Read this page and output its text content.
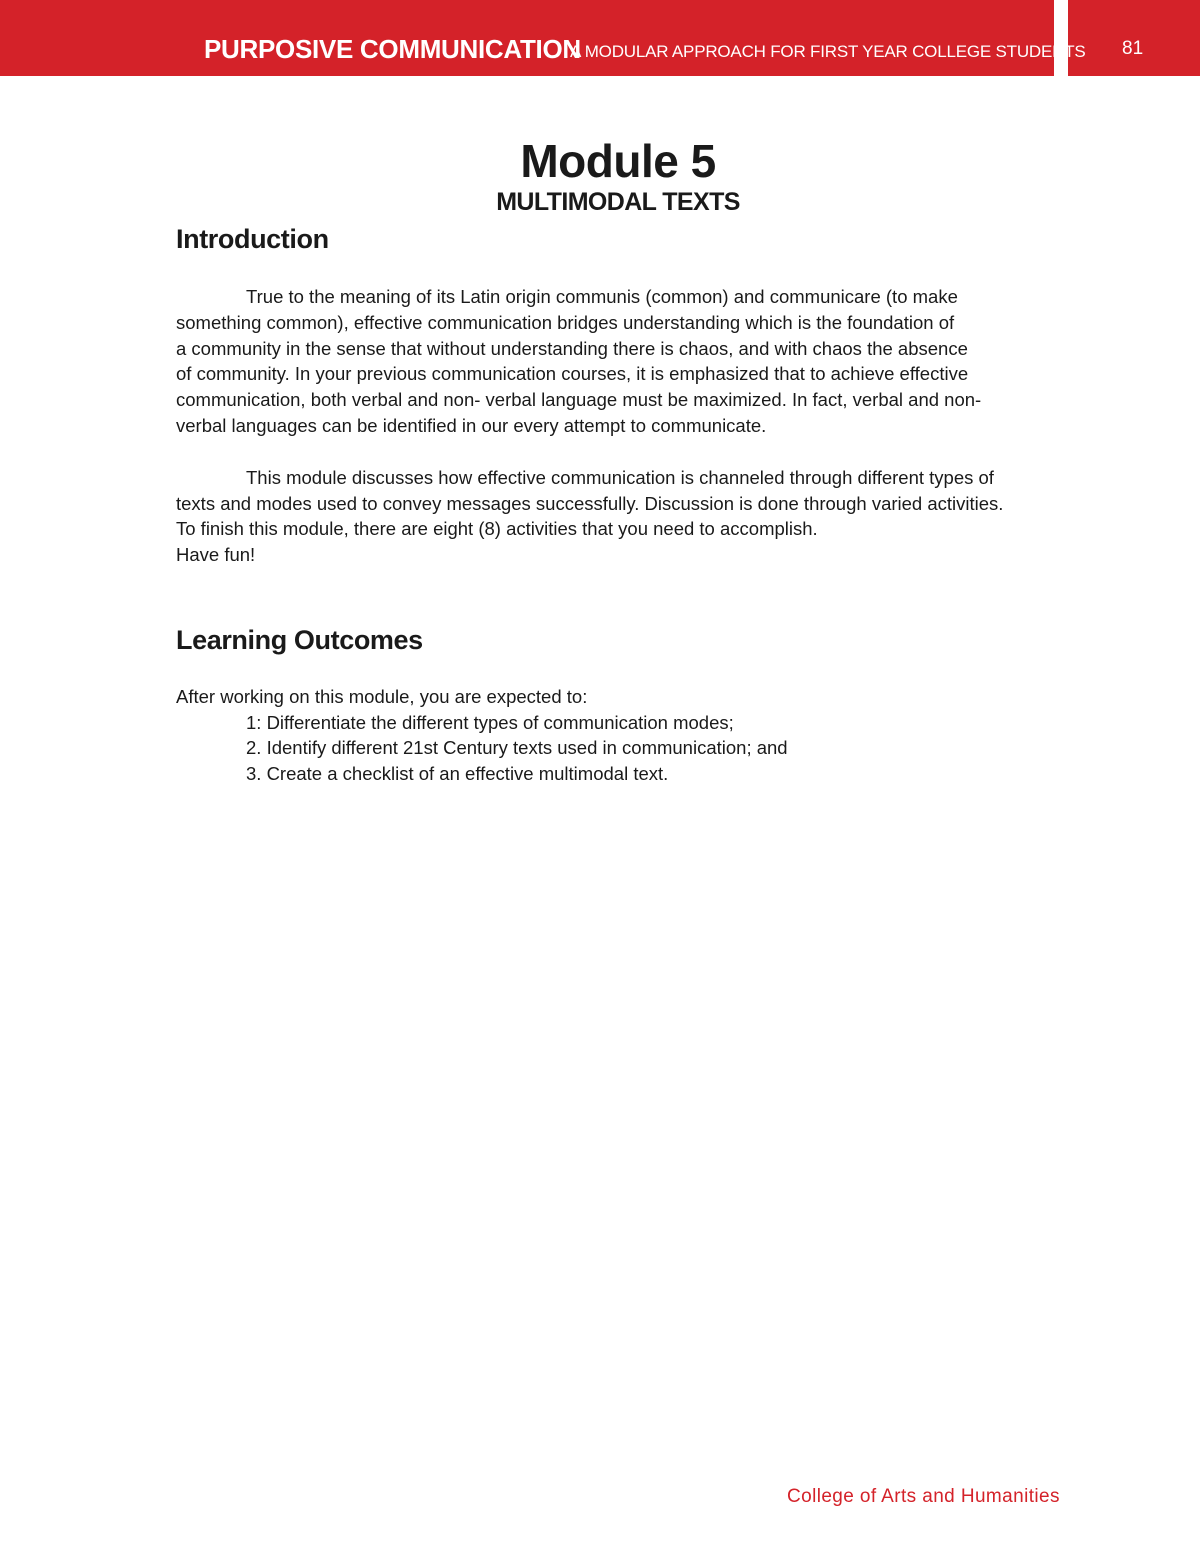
PURPOSIVE COMMUNICATION
A MODULAR APPROACH FOR FIRST YEAR COLLEGE STUDENTS 81
Module 5
MULTIMODAL TEXTS
Introduction
True to the meaning of its Latin origin communis (common) and communicare (to make
something common), effective communication bridges understanding which is the foundation of
a community in the sense that without understanding there is chaos, and with chaos the absence
of community. In your previous communication courses, it is emphasized that to achieve effective
communication, both verbal and non- verbal language must be maximized. In fact, verbal and non-
verbal languages can be identified in our every attempt to communicate.
This module discusses how effective communication is channeled through different types of
texts and modes used to convey messages successfully. Discussion is done through varied activities.
To finish this module, there are eight (8) activities that you need to accomplish.
Have fun!
Learning Outcomes
After working on this module, you are expected to:
1: Differentiate the different types of communication modes;
2. Identify different 21st Century texts used in communication; and
3. Create a checklist of an effective multimodal text.
College of Arts and Humanities
